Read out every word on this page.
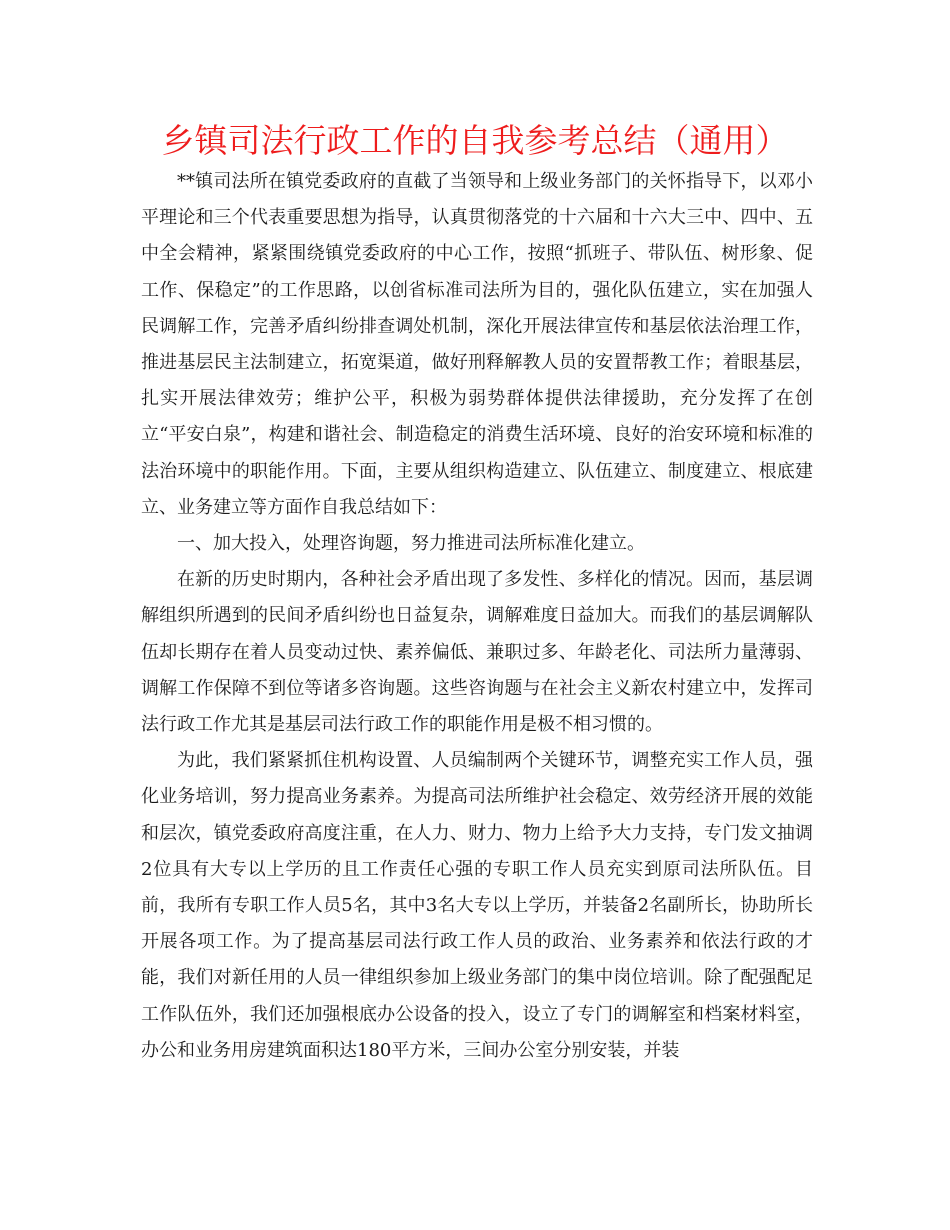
乡镇司法行政工作的自我参考总结（通用）

**镇司法所在镇党委政府的直截了当领导和上级业务部门的关怀指导下，以邓小平理论和三个代表重要思想为指导，认真贯彻落党的十六届和十六大三中、四中、五中全会精神，紧紧围绕镇党委政府的中心工作，按照“抓班子、带队伍、树形象、促工作、保稳定”的工作思路，以创省标准司法所为目的，强化队伍建立，实在加强人民调解工作，完善矛盾纠纷排查调处机制，深化开展法律宣传和基层依法治理工作，推进基层民主法制建立，拓宽渠道，做好刑释解教人员的安置帮教工作；着眼基层，扎实开展法律效劳；维护公平，积极为弱势群体提供法律援助，充分发挥了在创立“平安白泉”，构建和谐社会、制造稳定的消费生活环境、良好的治安环境和标准的法治环境中的职能作用。下面，主要从组织构造建立、队伍建立、制度建立、根底建立、业务建立等方面作自我总结如下：

一、加大投入，处理咨询题，努力推进司法所标准化建立。

在新的历史时期内，各种社会矛盾出现了多发性、多样化的情况。因而，基层调解组织所遇到的民间矛盾纠纷也日益复杂，调解难度日益加大。而我们的基层调解队伍却长期存在着人员变动过快、素养偏低、兼职过多、年龄老化、司法所力量薄弱、调解工作保障不到位等诸多咨询题。这些咨询题与在社会主义新农村建立中，发挥司法行政工作尤其是基层司法行政工作的职能作用是极不相习惯的。

为此，我们紧紧抓住机构设置、人员编制两个关键环节，调整充实工作人员，强化业务培训，努力提高业务素养。为提高司法所维护社会稳定、效劳经济开展的效能和层次，镇党委政府高度注重，在人力、财力、物力上给予大力支持，专门发文抽调2位具有大专以上学历的且工作责任心强的专职工作人员充实到原司法所队伍。目前，我所有专职工作人员5名，其中3名大专以上学历，并装备2名副所长，协助所长开展各项工作。为了提高基层司法行政工作人员的政治、业务素养和依法行政的才能，我们对新任用的人员一律组织参加上级业务部门的集中岗位培训。除了配强配足工作队伍外，我们还加强根底办公设备的投入，设立了专门的调解室和档案材料室，办公和业务用房建筑面积达180平方米，三间办公室分别安装，并装
